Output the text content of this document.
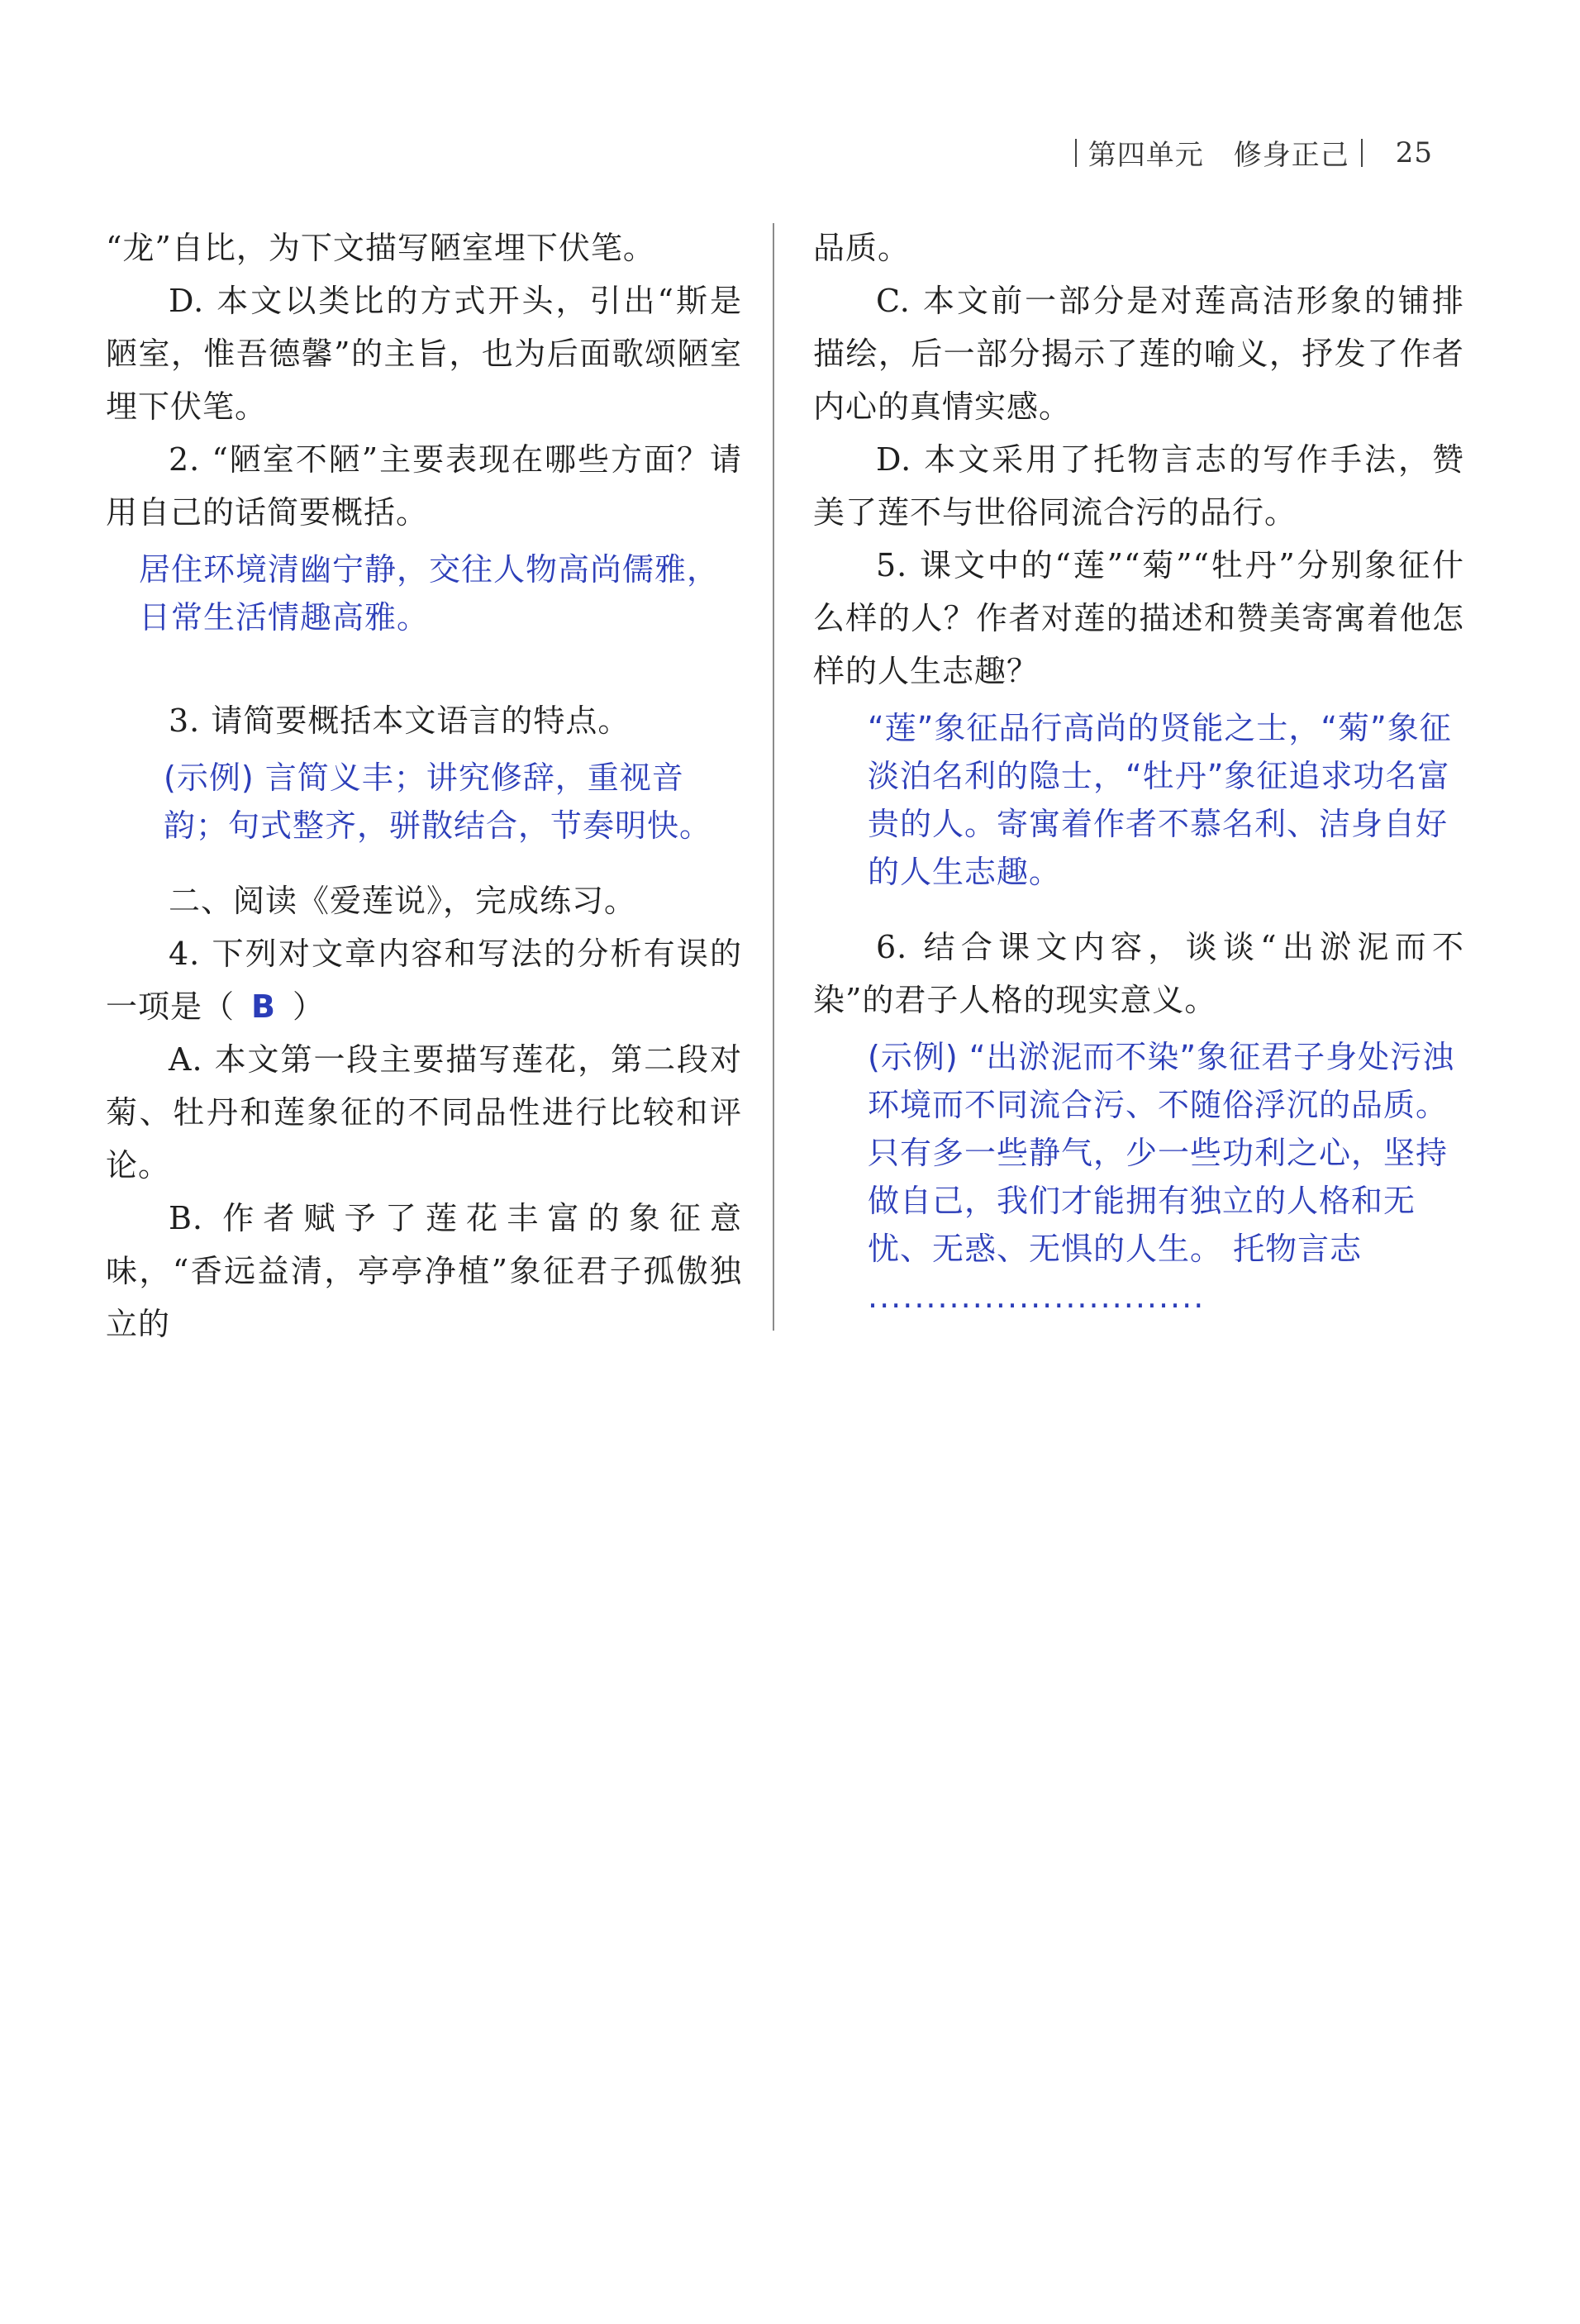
第四单元 修身正己 25

“龙”自比，为下文描写陋室埋下伏笔。

D. 本文以类比的方式开头，引出“斯是陋室，惟吾德馨”的主旨，也为后面歌颂陋室埋下伏笔。

2. “陋室不陋”主要表现在哪些方面？请用自己的话简要概括。

居住环境清幽宁静，交往人物高尚儒雅，日常生活情趣高雅。

3. 请简要概括本文语言的特点。

(示例) 言简义丰；讲究修辞，重视音韵；句式整齐，骈散结合，节奏明快。

二、阅读《爱莲说》，完成练习。

4. 下列对文章内容和写法的分析有误的一项是（ B ）

A. 本文第一段主要描写莲花，第二段对菊、牡丹和莲象征的不同品性进行比较和评论。

B. 作者赋予了莲花丰富的象征意味，“香远益清，亭亭净植”象征君子孤傲独立的

品质。

C. 本文前一部分是对莲高洁形象的铺排描绘，后一部分揭示了莲的喻义，抒发了作者内心的真情实感。

D. 本文采用了托物言志的写作手法，赞美了莲不与世俗同流合污的品行。

5. 课文中的“莲”“菊”“牡丹”分别象征什么样的人？作者对莲的描述和赞美寄寓着他怎样的人生志趣？

“莲”象征品行高尚的贤能之士，“菊”象征淡泊名利的隐士，“牡丹”象征追求功名富贵的人。寄寓着作者不慕名利、洁身自好的人生志趣。

6. 结合课文内容，谈谈“出淤泥而不染”的君子人格的现实意义。

(示例) “出淤泥而不染”象征君子身处污浊环境而不同流合污、不随俗浮沉的品质。只有多一些静气，少一些功利之心，坚持做自己，我们才能拥有独立的人格和无忧、无惑、无惧的人生。 托物言志 .............................
